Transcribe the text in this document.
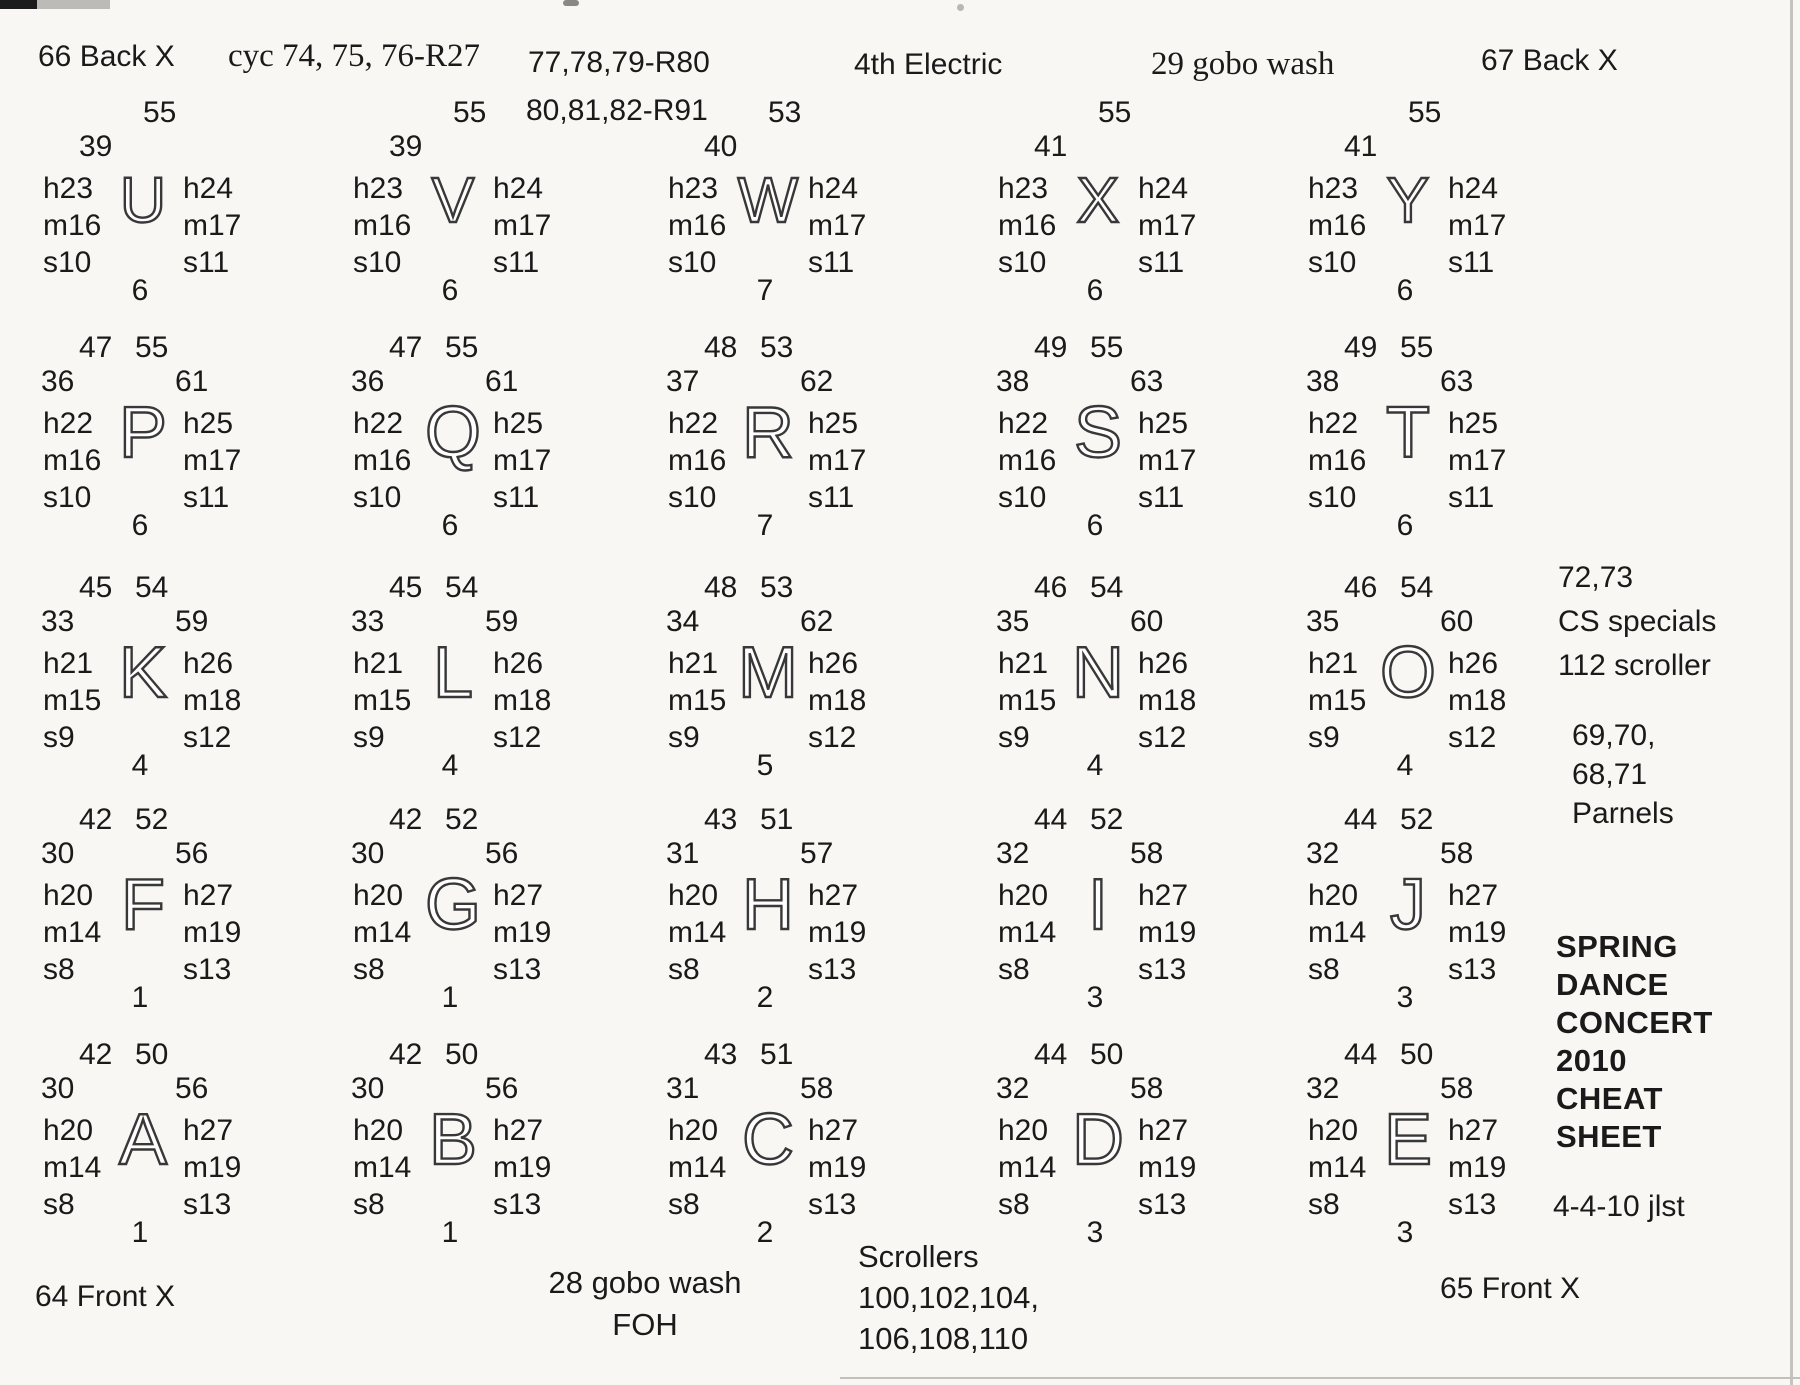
66 Back X cyc 74, 75, 76-R27 77,78,79-R80
80,81,82-R91
4th Electric	29 gobo wash	67 Back X
55
39
h23
m16
s10
U h24
m17
s11
6
55
39
h23
m16
s10
V h24
m17
s11
6
53
40
h23
m16
s10
W h24
m17
s11
7
55
41
h23
m16
s10
X h24
m17
s11
6
55
41
h23
m16
s10
Y h24
m17
s11
6
47 55
36	61
h22
m16
s10
P h25
m17
s11
6
47 55
36	61
h22
m16
s10
Q h25
m17
s11
6
48 53
37	62
h22
m16
s10
R h25
m17
s11
7
49 55
38	63
h22
m16
s10
S h25
m17
s11
6
49 55
38	63
h22
m16
s10
T h25
m17
s11
6
45 54
33	59
h21
m15
s9
K h26
m18
s12
4
45 54
33	59
h21
m15
s9
L h26
m18
s12
4
48 53
34	62
h21
m15
s9
M h26
m18
s12
5
46 54
35	60
h21
m15
s9
N h26
m18
s12
4
46 54
35	60
h21
m15
s9
O h26
m18
s12
4
42 52
30	56
h20
m14
s8
F h27
m19
s13
1
42 52
30	56
h20
m14
s8
G h27
m19
s13
1
43 51
31	57
h20
m14
s8
H h27
m19
s13
2
44 52
32	58
h20
m14
s8
I	h27
m19
s13
3
44 52
32	58
h20
m14
s8
J h27
m19
s13
3
42 50
30	56
h20
m14
s8
A h27
m19
s13
1
42 50
30	56
h20
m14
s8
B h27
m19
s13
1
43 51
31	58
h20
m14
s8
C h27
m19
s13
2
44 50
32	58
h20
m14
s8
D h27
m19
s13
3
44 50
32	58
h20
m14
s8
E h27
m19
s13
3
72,73
CS specials
112 scroller
69,70,
68,71
Parnels
SPRING
DANCE
CONCERT
2010
CHEAT
SHEET
4-4-10 jlst
64 Front X	28 gobo wash
FOH
Scrollers
100,102,104,
106,108,110
65 Front X
